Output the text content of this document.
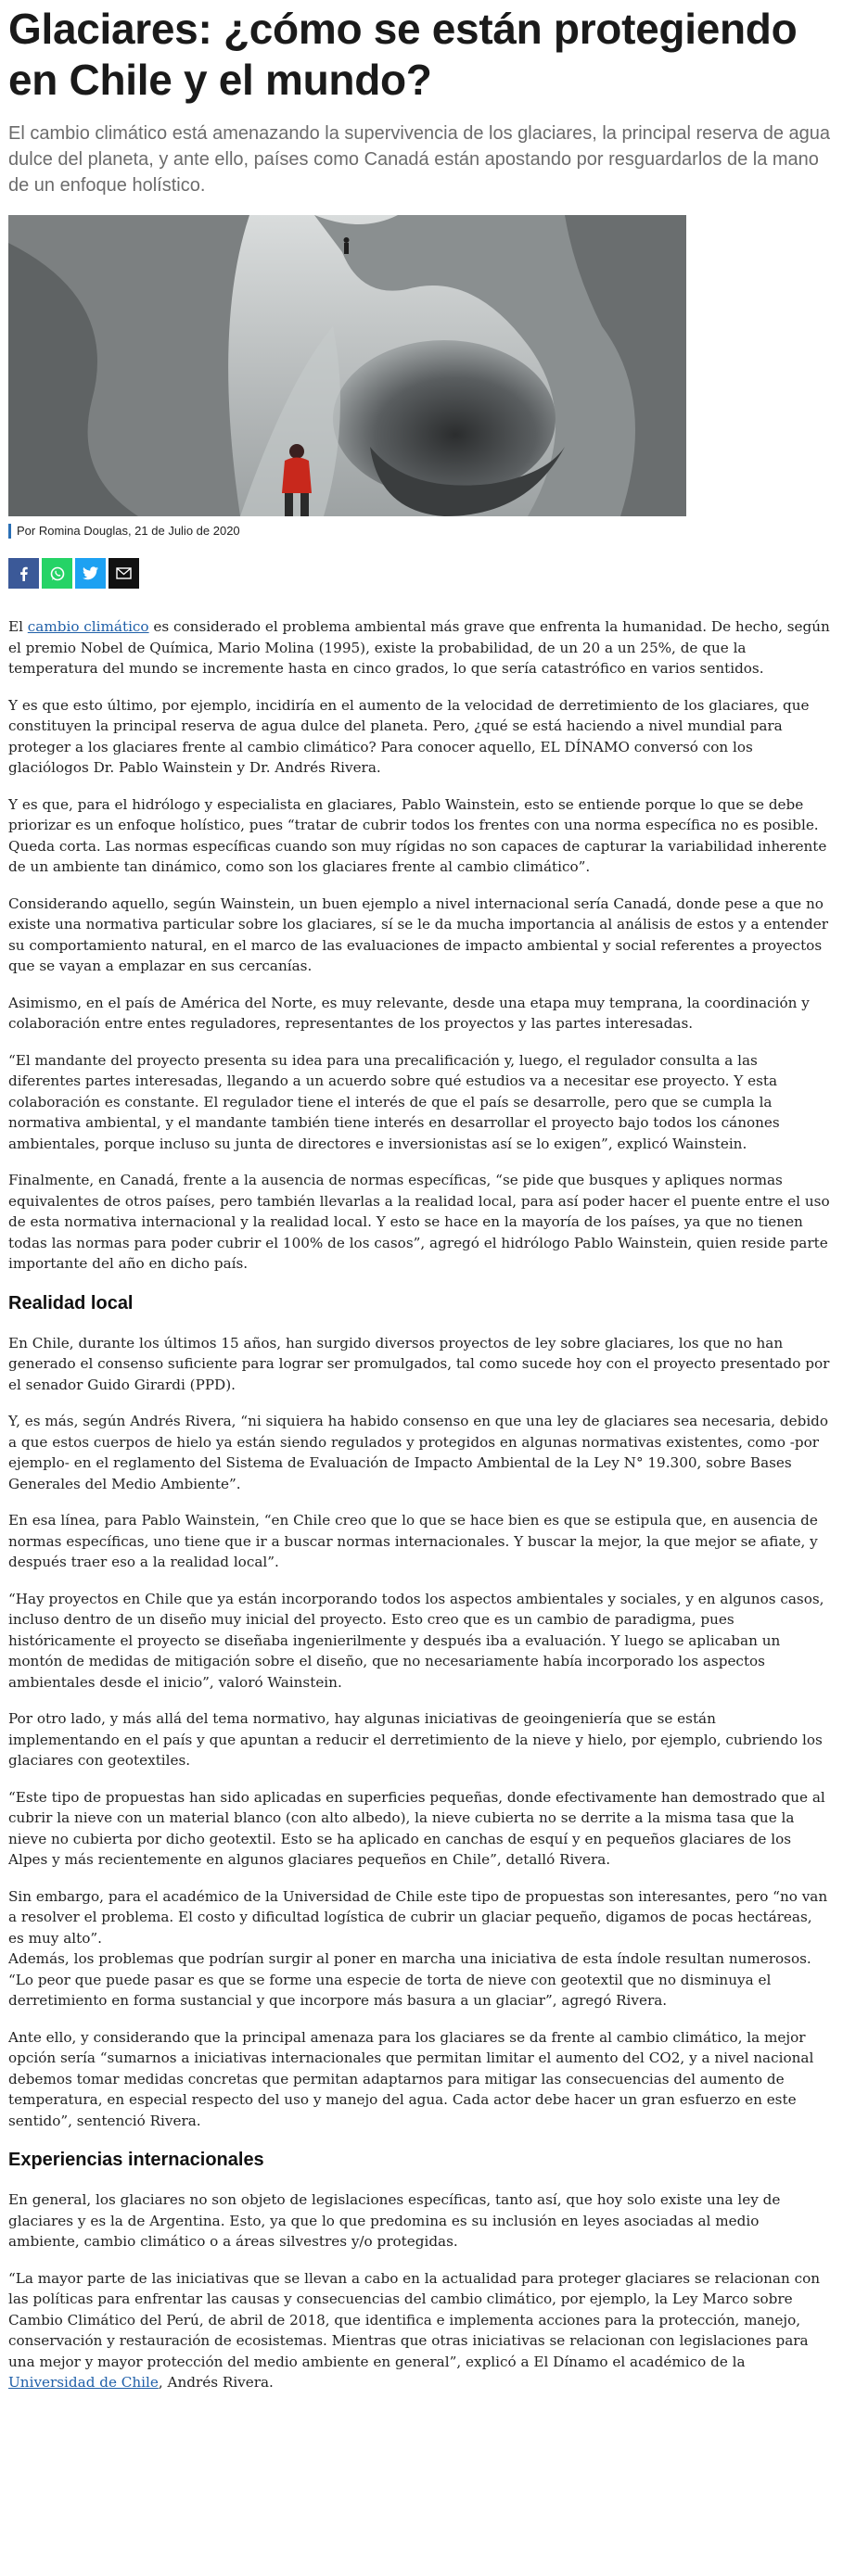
Glaciares: ¿cómo se están protegiendo en Chile y el mundo?

El cambio climático está amenazando la supervivencia de los glaciares, la principal reserva de agua dulce del planeta, y ante ello, países como Canadá están apostando por resguardarlos de la mano de un enfoque holístico.

Por Romina Douglas, 21 de Julio de 2020

El cambio climático es considerado el problema ambiental más grave que enfrenta la humanidad. De hecho, según el premio Nobel de Química, Mario Molina (1995), existe la probabilidad, de un 20 a un 25%, de que la temperatura del mundo se incremente hasta en cinco grados, lo que sería catastrófico en varios sentidos.

Y es que esto último, por ejemplo, incidiría en el aumento de la velocidad de derretimiento de los glaciares, que constituyen la principal reserva de agua dulce del planeta. Pero, ¿qué se está haciendo a nivel mundial para proteger a los glaciares frente al cambio climático? Para conocer aquello, EL DÍNAMO conversó con los glaciólogos Dr. Pablo Wainstein y Dr. Andrés Rivera.

Y es que, para el hidrólogo y especialista en glaciares, Pablo Wainstein, esto se entiende porque lo que se debe priorizar es un enfoque holístico, pues “tratar de cubrir todos los frentes con una norma específica no es posible. Queda corta. Las normas específicas cuando son muy rígidas no son capaces de capturar la variabilidad inherente de un ambiente tan dinámico, como son los glaciares frente al cambio climático”.

Considerando aquello, según Wainstein, un buen ejemplo a nivel internacional sería Canadá, donde pese a que no existe una normativa particular sobre los glaciares, sí se le da mucha importancia al análisis de estos y a entender su comportamiento natural, en el marco de las evaluaciones de impacto ambiental y social referentes a proyectos que se vayan a emplazar en sus cercanías.

Asimismo, en el país de América del Norte, es muy relevante, desde una etapa muy temprana, la coordinación y colaboración entre entes reguladores, representantes de los proyectos y las partes interesadas.

“El mandante del proyecto presenta su idea para una precalificación y, luego, el regulador consulta a las diferentes partes interesadas, llegando a un acuerdo sobre qué estudios va a necesitar ese proyecto. Y esta colaboración es constante. El regulador tiene el interés de que el país se desarrolle, pero que se cumpla la normativa ambiental, y el mandante también tiene interés en desarrollar el proyecto bajo todos los cánones ambientales, porque incluso su junta de directores e inversionistas así se lo exigen”, explicó Wainstein.

Finalmente, en Canadá, frente a la ausencia de normas específicas, “se pide que busques y apliques normas equivalentes de otros países, pero también llevarlas a la realidad local, para así poder hacer el puente entre el uso de esta normativa internacional y la realidad local. Y esto se hace en la mayoría de los países, ya que no tienen todas las normas para poder cubrir el 100% de los casos”, agregó el hidrólogo Pablo Wainstein, quien reside parte importante del año en dicho país.

Realidad local

En Chile, durante los últimos 15 años, han surgido diversos proyectos de ley sobre glaciares, los que no han generado el consenso suficiente para lograr ser promulgados, tal como sucede hoy con el proyecto presentado por el senador Guido Girardi (PPD).

Y, es más, según Andrés Rivera, “ni siquiera ha habido consenso en que una ley de glaciares sea necesaria, debido a que estos cuerpos de hielo ya están siendo regulados y protegidos en algunas normativas existentes, como -por ejemplo- en el reglamento del Sistema de Evaluación de Impacto Ambiental de la Ley N° 19.300, sobre Bases Generales del Medio Ambiente”.

En esa línea, para Pablo Wainstein, “en Chile creo que lo que se hace bien es que se estipula que, en ausencia de normas específicas, uno tiene que ir a buscar normas internacionales. Y buscar la mejor, la que mejor se afiate, y después traer eso a la realidad local”.

“Hay proyectos en Chile que ya están incorporando todos los aspectos ambientales y sociales, y en algunos casos, incluso dentro de un diseño muy inicial del proyecto. Esto creo que es un cambio de paradigma, pues históricamente el proyecto se diseñaba ingenierilmente y después iba a evaluación. Y luego se aplicaban un montón de medidas de mitigación sobre el diseño, que no necesariamente había incorporado los aspectos ambientales desde el inicio”, valoró Wainstein.

Por otro lado, y más allá del tema normativo, hay algunas iniciativas de geoingeniería que se están implementando en el país y que apuntan a reducir el derretimiento de la nieve y hielo, por ejemplo, cubriendo los glaciares con geotextiles.

“Este tipo de propuestas han sido aplicadas en superficies pequeñas, donde efectivamente han demostrado que al cubrir la nieve con un material blanco (con alto albedo), la nieve cubierta no se derrite a la misma tasa que la nieve no cubierta por dicho geotextil. Esto se ha aplicado en canchas de esquí y en pequeños glaciares de los Alpes y más recientemente en algunos glaciares pequeños en Chile”, detalló Rivera.

Sin embargo, para el académico de la Universidad de Chile este tipo de propuestas son interesantes, pero “no van a resolver el problema. El costo y dificultad logística de cubrir un glaciar pequeño, digamos de pocas hectáreas, es muy alto”.

Además, los problemas que podrían surgir al poner en marcha una iniciativa de esta índole resultan numerosos. “Lo peor que puede pasar es que se forme una especie de torta de nieve con geotextil que no disminuya el derretimiento en forma sustancial y que incorpore más basura a un glaciar”, agregó Rivera.

Ante ello, y considerando que la principal amenaza para los glaciares se da frente al cambio climático, la mejor opción sería “sumarnos a iniciativas internacionales que permitan limitar el aumento del CO2, y a nivel nacional debemos tomar medidas concretas que permitan adaptarnos para mitigar las consecuencias del aumento de temperatura, en especial respecto del uso y manejo del agua. Cada actor debe hacer un gran esfuerzo en este sentido”, sentenció Rivera.

Experiencias internacionales

En general, los glaciares no son objeto de legislaciones específicas, tanto así, que hoy solo existe una ley de glaciares y es la de Argentina. Esto, ya que lo que predomina es su inclusión en leyes asociadas al medio ambiente, cambio climático o a áreas silvestres y/o protegidas.

“La mayor parte de las iniciativas que se llevan a cabo en la actualidad para proteger glaciares se relacionan con las políticas para enfrentar las causas y consecuencias del cambio climático, por ejemplo, la Ley Marco sobre Cambio Climático del Perú, de abril de 2018, que identifica e implementa acciones para la protección, manejo, conservación y restauración de ecosistemas. Mientras que otras iniciativas se relacionan con legislaciones para una mejor y mayor protección del medio ambiente en general”, explicó a El Dínamo el académico de la Universidad de Chile, Andrés Rivera.
